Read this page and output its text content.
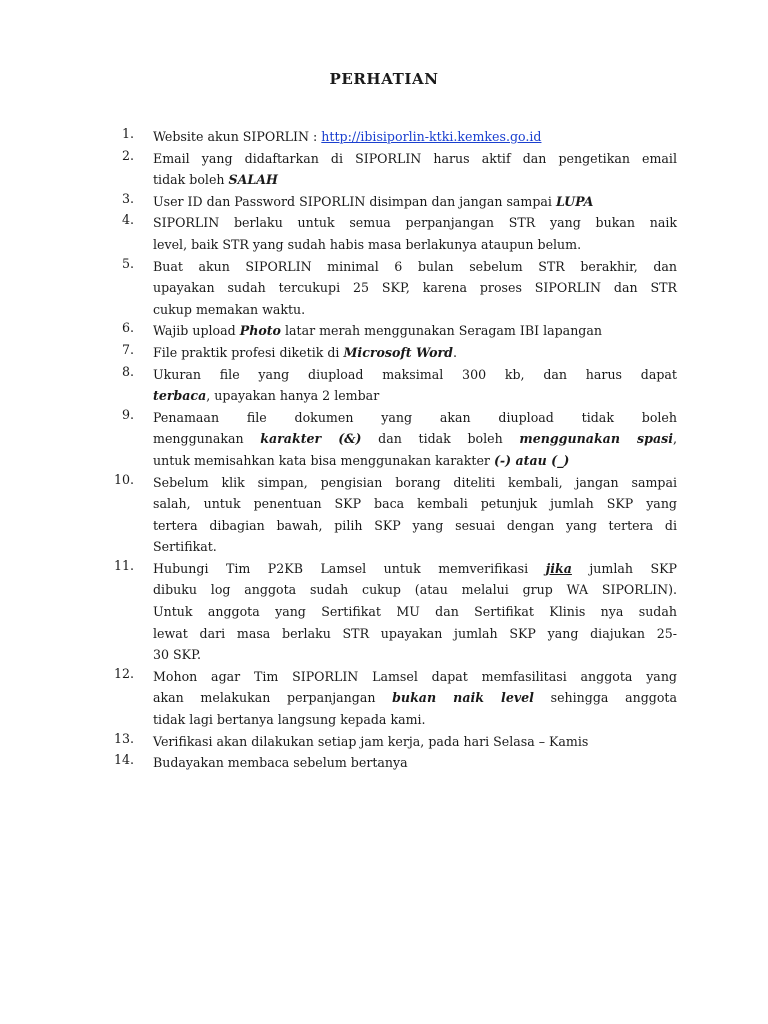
PERHATIAN
1. Website akun SIPORLIN : http://ibisiporlin-ktki.kemkes.go.id
2. Email yang didaftarkan di SIPORLIN harus aktif dan pengetikan email
tidak boleh SALAH
3. User ID dan Password SIPORLIN disimpan dan jangan sampai LUPA
4. SIPORLIN berlaku untuk semua perpanjangan STR yang bukan naik
level, baik STR yang sudah habis masa berlakunya ataupun belum.
5. Buat akun SIPORLIN minimal 6 bulan sebelum STR berakhir, dan
upayakan sudah tercukupi 25 SKP, karena proses SIPORLIN dan STR
cukup memakan waktu.
6. Wajib upload Photo latar merah menggunakan Seragam IBI lapangan
7. File praktik profesi diketik di Microsoft Word.
8. Ukuran file yang diupload maksimal 300 kb, dan harus dapat
terbaca, upayakan hanya 2 lembar
9. Penamaan file dokumen yang akan diupload tidak boleh
menggunakan karakter (&) dan tidak boleh menggunakan spasi,
untuk memisahkan kata bisa menggunakan karakter (-) atau (_)
10. Sebelum klik simpan, pengisian borang diteliti kembali, jangan sampai
salah, untuk penentuan SKP baca kembali petunjuk jumlah SKP yang
tertera dibagian bawah, pilih SKP yang sesuai dengan yang tertera di
Sertifikat.
11. Hubungi Tim P2KB Lamsel untuk memverifikasi jika jumlah SKP
dibuku log anggota sudah cukup (atau melalui grup WA SIPORLIN).
Untuk anggota yang Sertifikat MU dan Sertifikat Klinis nya sudah
lewat dari masa berlaku STR upayakan jumlah SKP yang diajukan 25-
30 SKP.
12. Mohon agar Tim SIPORLIN Lamsel dapat memfasilitasi anggota yang
akan melakukan perpanjangan bukan naik level sehingga anggota
tidak lagi bertanya langsung kepada kami.
13. Verifikasi akan dilakukan setiap jam kerja, pada hari Selasa – Kamis
14. Budayakan membaca sebelum bertanya
